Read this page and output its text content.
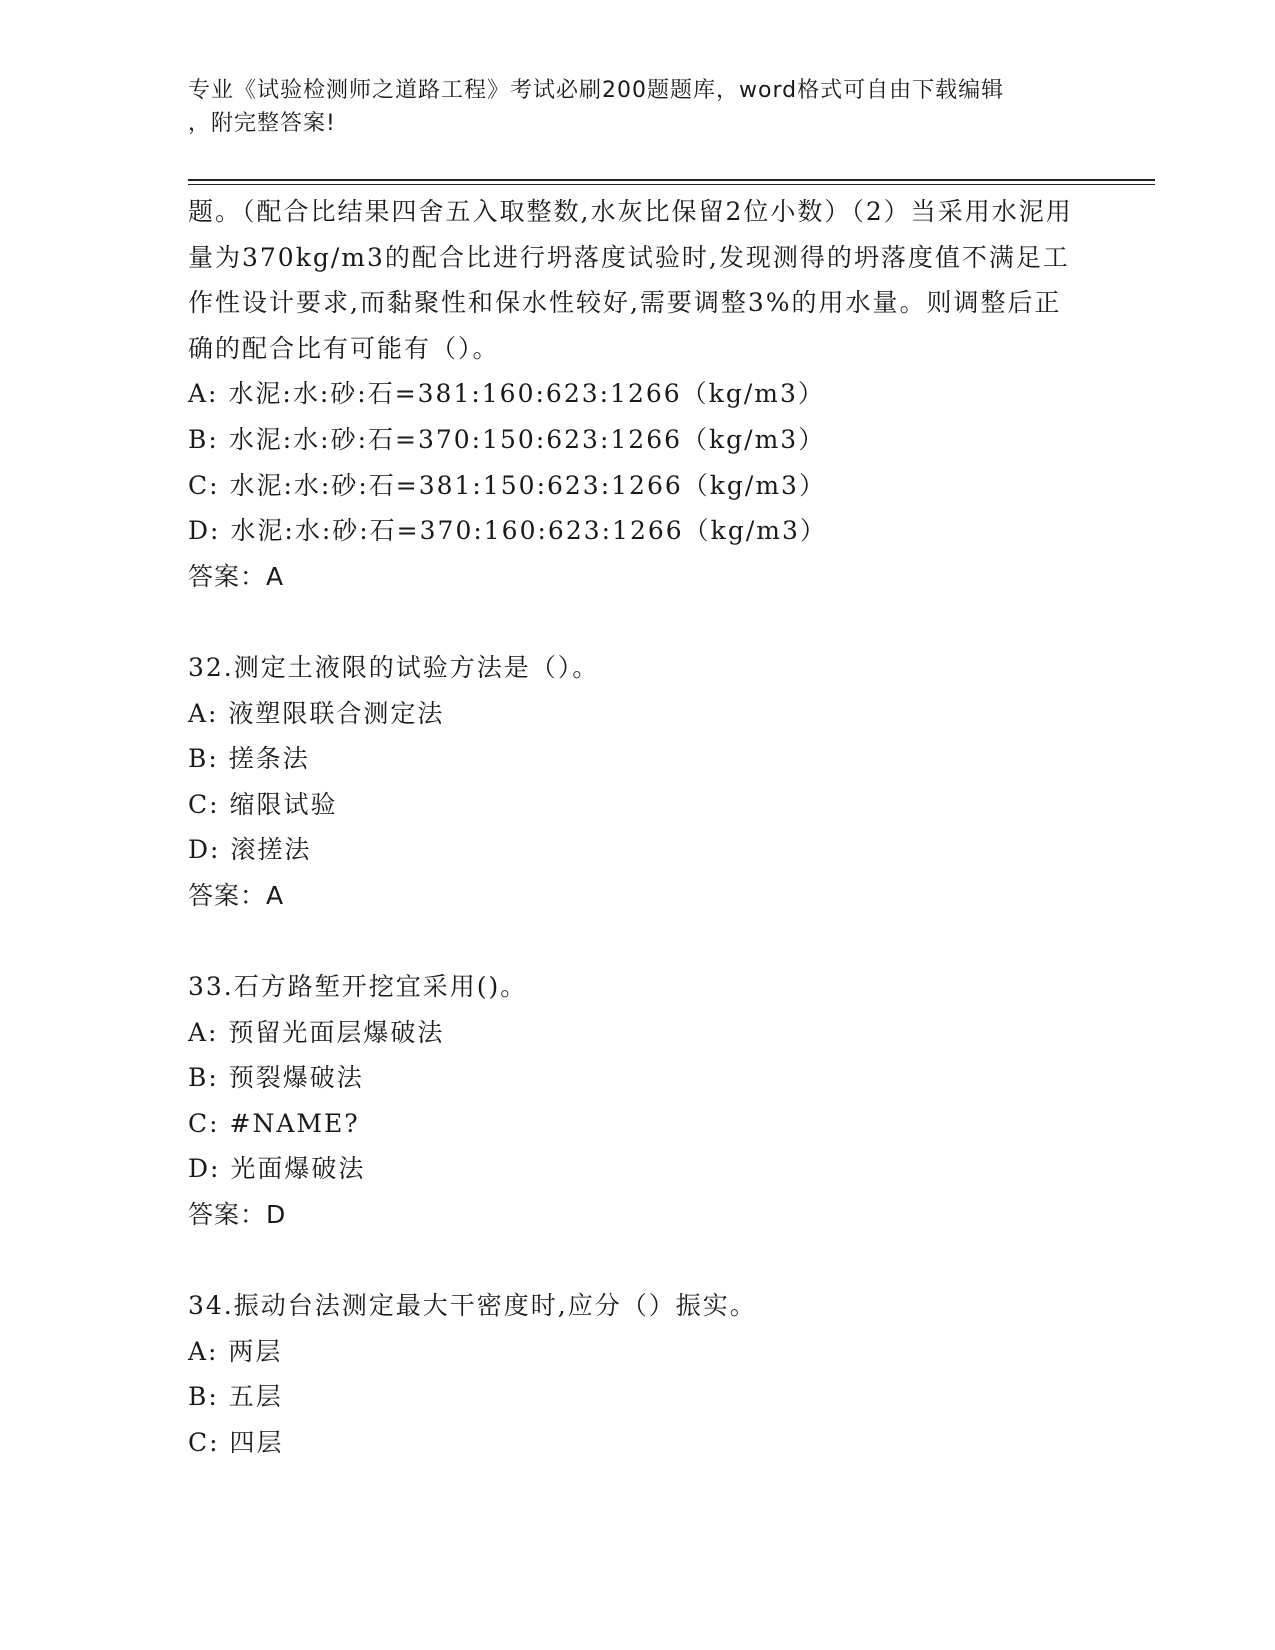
专业《试验检测师之道路工程》考试必刷200题题库，word格式可自由下载编辑
，附完整答案!
题。（配合比结果四舍五入取整数,水灰比保留2位小数）（2）当采用水泥用量为370kg/m3的配合比进行坍落度试验时,发现测得的坍落度值不满足工作性设计要求,而黏聚性和保水性较好,需要调整3%的用水量。则调整后正确的配合比有可能有（）。
A: 水泥:水:砂:石=381:160:623:1266（kg/m3）
B: 水泥:水:砂:石=370:150:623:1266（kg/m3）
C: 水泥:水:砂:石=381:150:623:1266（kg/m3）
D: 水泥:水:砂:石=370:160:623:1266（kg/m3）
答案：A
32.测定土液限的试验方法是（）。
A: 液塑限联合测定法
B: 搓条法
C: 缩限试验
D: 滚搓法
答案：A
33.石方路堑开挖宜采用()。
A: 预留光面层爆破法
B: 预裂爆破法
C: #NAME?
D: 光面爆破法
答案：D
34.振动台法测定最大干密度时,应分（）振实。
A: 两层
B: 五层
C: 四层
